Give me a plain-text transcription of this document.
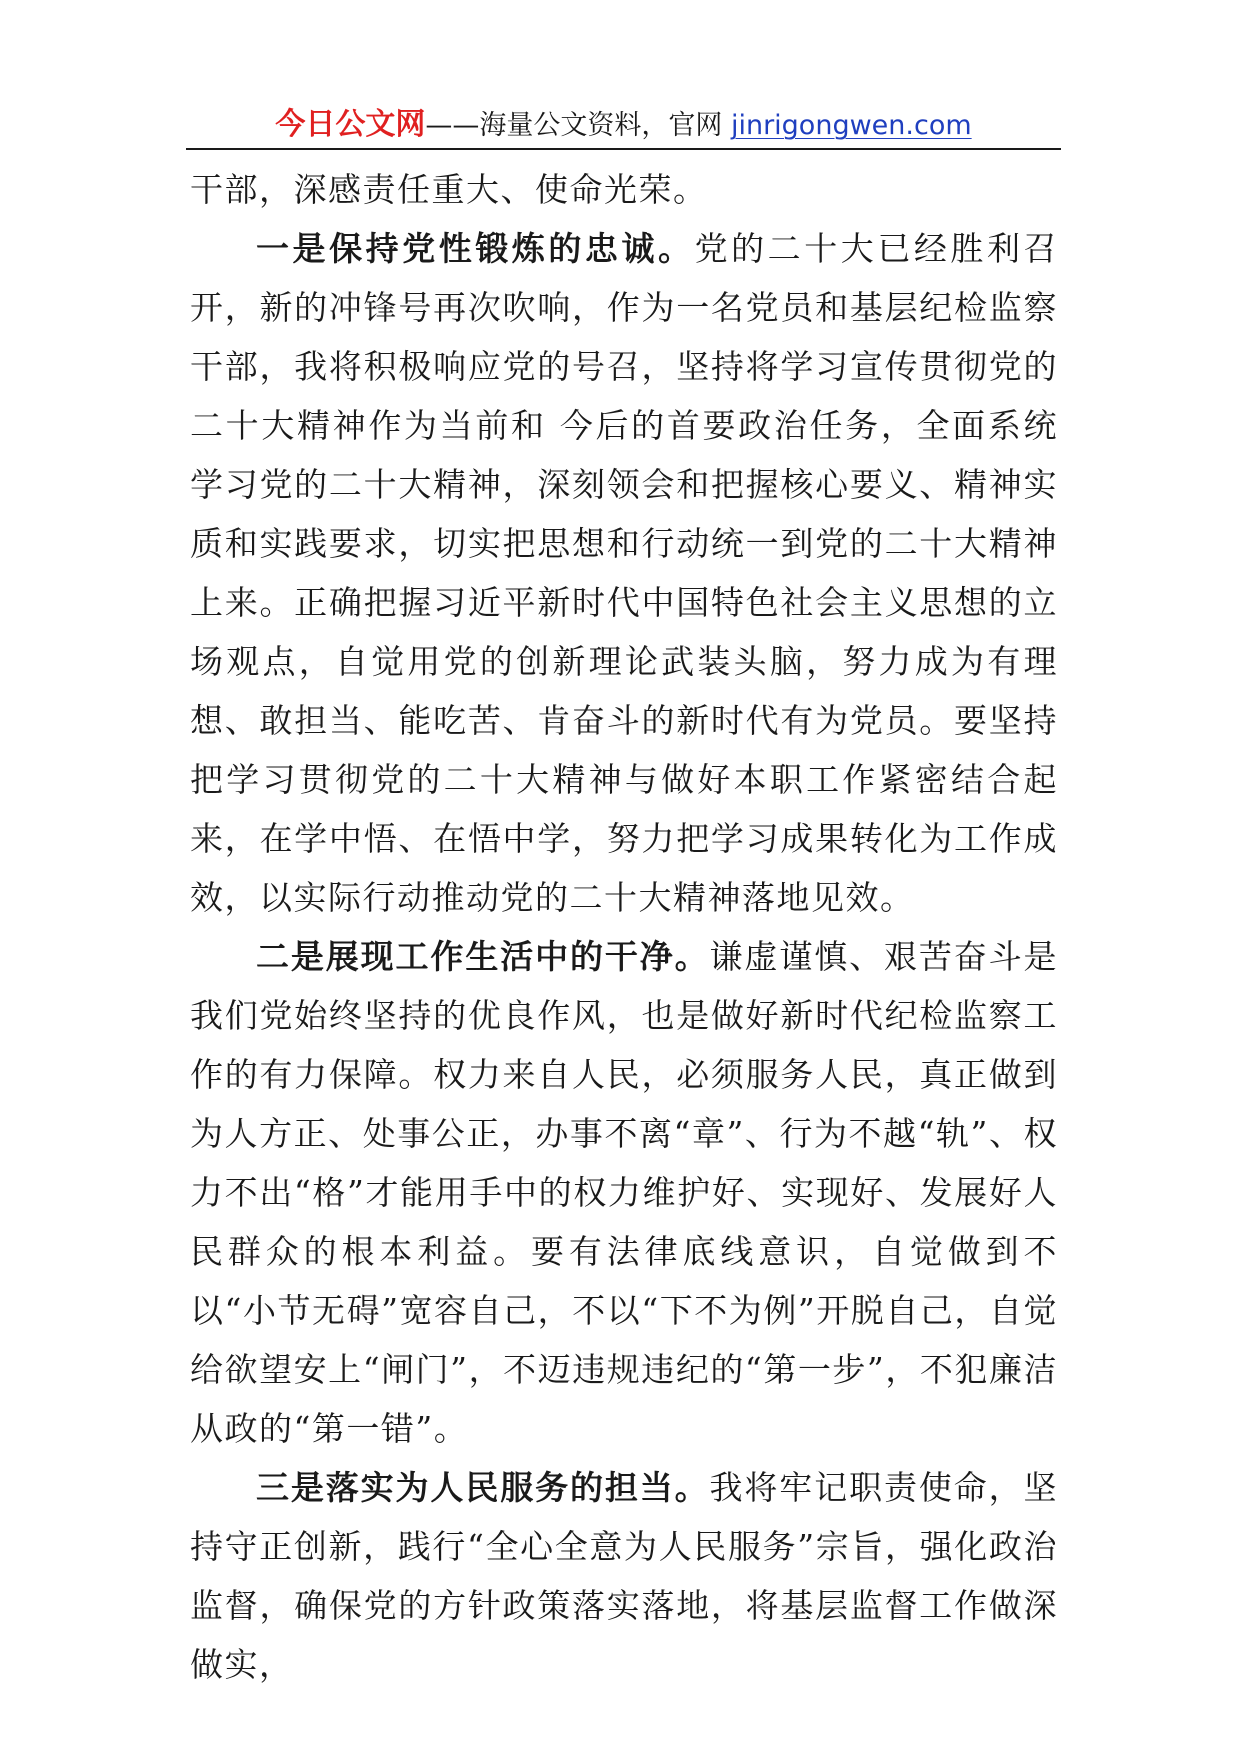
今日公文网——海量公文资料，官网 jinrigongwen.com

干部，深感责任重大、使命光荣。

一是保持党性锻炼的忠诚。党的二十大已经胜利召开，新的冲锋号再次吹响，作为一名党员和基层纪检监察干部，我将积极响应党的号召，坚持将学习宣传贯彻党的二十大精神作为当前和 今后的首要政治任务，全面系统学习党的二十大精神，深刻领会和把握核心要义、精神实质和实践要求，切实把思想和行动统一到党的二十大精神上来。正确把握习近平新时代中国特色社会主义思想的立场观点，自觉用党的创新理论武装头脑，努力成为有理想、敢担当、能吃苦、肯奋斗的新时代有为党员。要坚持把学习贯彻党的二十大精神与做好本职工作紧密结合起来，在学中悟、在悟中学，努力把学习成果转化为工作成效，以实际行动推动党的二十大精神落地见效。

二是展现工作生活中的干净。谦虚谨慎、艰苦奋斗是我们党始终坚持的优良作风，也是做好新时代纪检监察工作的有力保障。权力来自人民，必须服务人民，真正做到为人方正、处事公正，办事不离“章”、行为不越“轨”、权力不出“格”才能用手中的权力维护好、实现好、发展好人民群众的根本利益。要有法律底线意识，自觉做到不以“小节无碍”宽容自己，不以“下不为例”开脱自己，自觉给欲望安上“闸门”，不迈违规违纪的“第一步”，不犯廉洁从政的“第一错”。

三是落实为人民服务的担当。我将牢记职责使命，坚持守正创新，践行“全心全意为人民服务”宗旨，强化政治监督，确保党的方针政策落实落地，将基层监督工作做深做实，
